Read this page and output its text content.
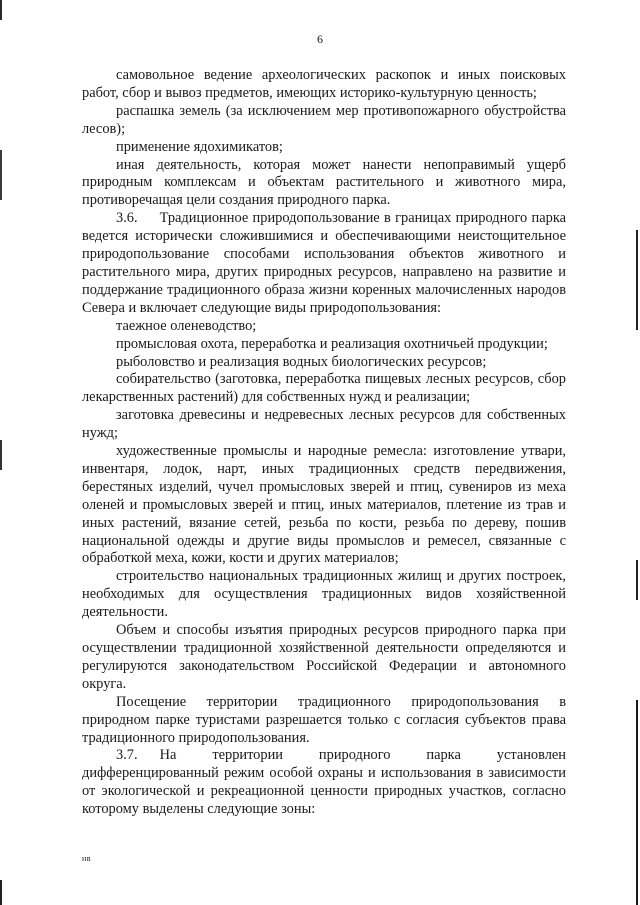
6

самовольное ведение археологических раскопок и иных поисковых работ, сбор и вывоз предметов, имеющих историко-культурную ценность;

распашка земель (за исключением мер противопожарного обустройства лесов);

применение ядохимикатов;

иная деятельность, которая может нанести непоправимый ущерб природным комплексам и объектам растительного и животного мира, противоречащая цели создания природного парка.

3.6. Традиционное природопользование в границах природного парка ведется исторически сложившимися и обеспечивающими неистощительное природопользование способами использования объектов животного и растительного мира, других природных ресурсов, направлено на развитие и поддержание традиционного образа жизни коренных малочисленных народов Севера и включает следующие виды природопользования:

таежное оленеводство;

промысловая охота, переработка и реализация охотничьей продукции;

рыболовство и реализация водных биологических ресурсов;

собирательство (заготовка, переработка пищевых лесных ресурсов, сбор лекарственных растений) для собственных нужд и реализации;

заготовка древесины и недревесных лесных ресурсов для собственных нужд;

художественные промыслы и народные ремесла: изготовление утвари, инвентаря, лодок, нарт, иных традиционных средств передвижения, берестяных изделий, чучел промысловых зверей и птиц, сувениров из меха оленей и промысловых зверей и птиц, иных материалов, плетение из трав и иных растений, вязание сетей, резьба по кости, резьба по дереву, пошив национальной одежды и другие виды промыслов и ремесел, связанные с обработкой меха, кожи, кости и других материалов;

строительство национальных традиционных жилищ и других построек, необходимых для осуществления традиционных видов хозяйственной деятельности.

Объем и способы изъятия природных ресурсов природного парка при осуществлении традиционной хозяйственной деятельности определяются и регулируются законодательством Российской Федерации и автономного округа.

Посещение территории традиционного природопользования в природном парке туристами разрешается только с согласия субъектов права традиционного природопользования.

3.7. На территории природного парка установлен дифференцированный режим особой охраны и использования в зависимости от экологической и рекреационной ценности природных участков, согласно которому выделены следующие зоны:

нв
